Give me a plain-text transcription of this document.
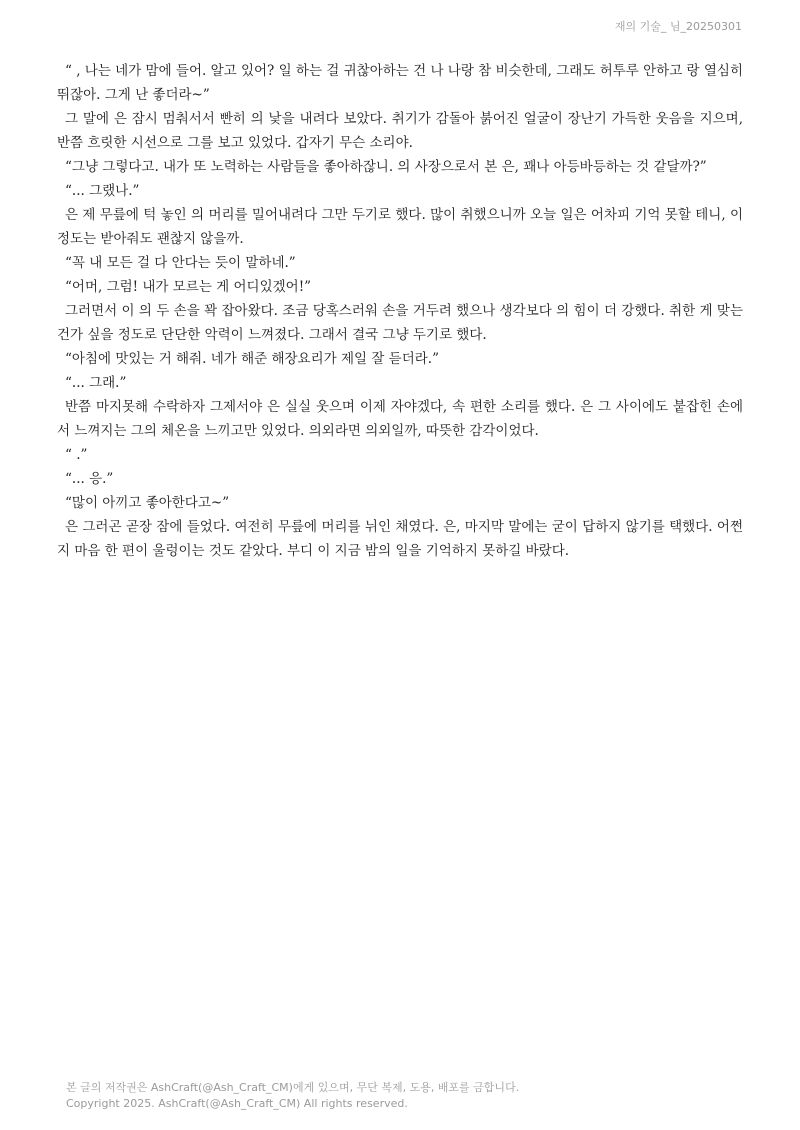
재의 기술_ 님_20250301

“ , 나는 네가 맘에 들어. 알고 있어? 일 하는 걸 귀찮아하는 건 나 나랑 참 비슷한데, 그래도 허투루 안하고 랑 열심히 뛰잖아. 그게 난 좋더라~”

그 말에 은 잠시 멈춰서서 빤히 의 낯을 내려다 보았다. 취기가 감돌아 붉어진 얼굴이 장난기 가득한 웃음을 지으며, 반쯤 흐릿한 시선으로 그를 보고 있었다. 갑자기 무슨 소리야.

“그냥 그렇다고. 내가 또 노력하는 사람들을 좋아하잖니. 의 사장으로서 본 은, 꽤나 아등바등하는 것 같달까?”

“... 그랬나.”

은 제 무릎에 턱 놓인 의 머리를 밀어내려다 그만 두기로 했다. 많이 취했으니까 오늘 일은 어차피 기억 못할 테니, 이 정도는 받아줘도 괜찮지 않을까.

“꼭 내 모든 걸 다 안다는 듯이 말하네.”

“어머, 그럼! 내가 모르는 게 어디있겠어!”

그러면서 이 의 두 손을 꽉 잡아왔다. 조금 당혹스러워 손을 거두려 했으나 생각보다 의 힘이 더 강했다. 취한 게 맞는 건가 싶을 정도로 단단한 악력이 느껴졌다. 그래서 결국 그냥 두기로 했다.

“아침에 맛있는 거 해줘. 네가 해준 해장요리가 제일 잘 듣더라.”

“... 그래.”

반쯤 마지못해 수락하자 그제서야 은 실실 웃으며 이제 자야겠다, 속 편한 소리를 했다. 은 그 사이에도 붙잡힌 손에서 느껴지는 그의 체온을 느끼고만 있었다. 의외라면 의외일까, 따뜻한 감각이었다.

“ .”

“... 응.”

“많이 아끼고 좋아한다고~”

은 그러곤 곧장 잠에 들었다. 여전히 무릎에 머리를 뉘인 채였다. 은, 마지막 말에는 굳이 답하지 않기를 택했다. 어쩐지 마음 한 편이 울렁이는 것도 같았다. 부디 이 지금 밤의 일을 기억하지 못하길 바랐다.

본 글의 저작권은 AshCraft(@Ash_Craft_CM)에게 있으며, 무단 복제, 도용, 배포를 금합니다.
Copyright 2025. AshCraft(@Ash_Craft_CM) All rights reserved.
